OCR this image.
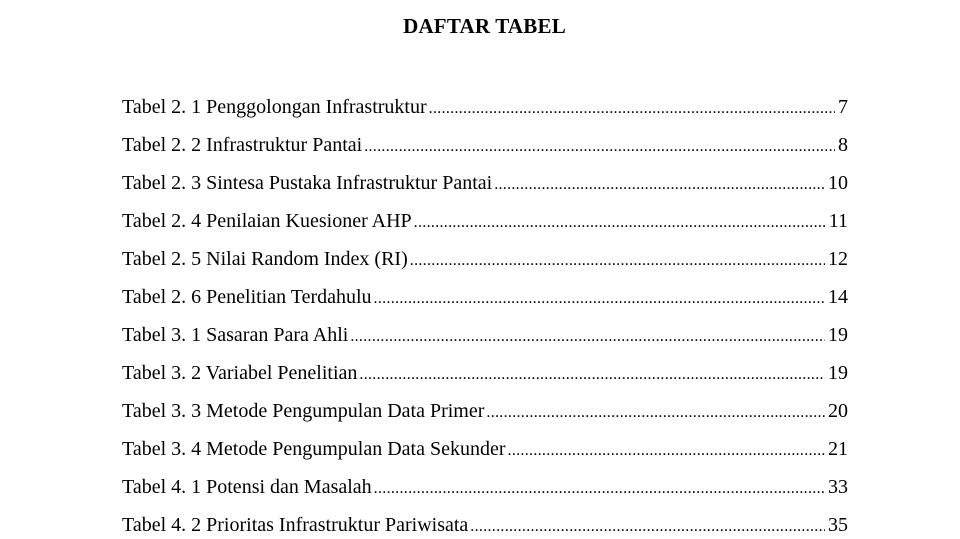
DAFTAR TABEL
Tabel 2. 1 Penggolongan Infrastruktur .....	7
Tabel 2. 2 Infrastruktur Pantai .....	8
Tabel 2. 3 Sintesa Pustaka Infrastruktur Pantai .....	10
Tabel 2. 4 Penilaian Kuesioner AHP .....	11
Tabel 2. 5 Nilai Random Index (RI) .....	12
Tabel 2. 6 Penelitian Terdahulu .....	14
Tabel 3. 1 Sasaran Para Ahli .....	19
Tabel 3. 2 Variabel Penelitian .....	19
Tabel 3. 3 Metode Pengumpulan Data Primer .....	20
Tabel 3. 4 Metode Pengumpulan Data Sekunder .....	21
Tabel 4. 1 Potensi dan Masalah .....	33
Tabel 4. 2 Prioritas Infrastruktur Pariwisata .....	35
